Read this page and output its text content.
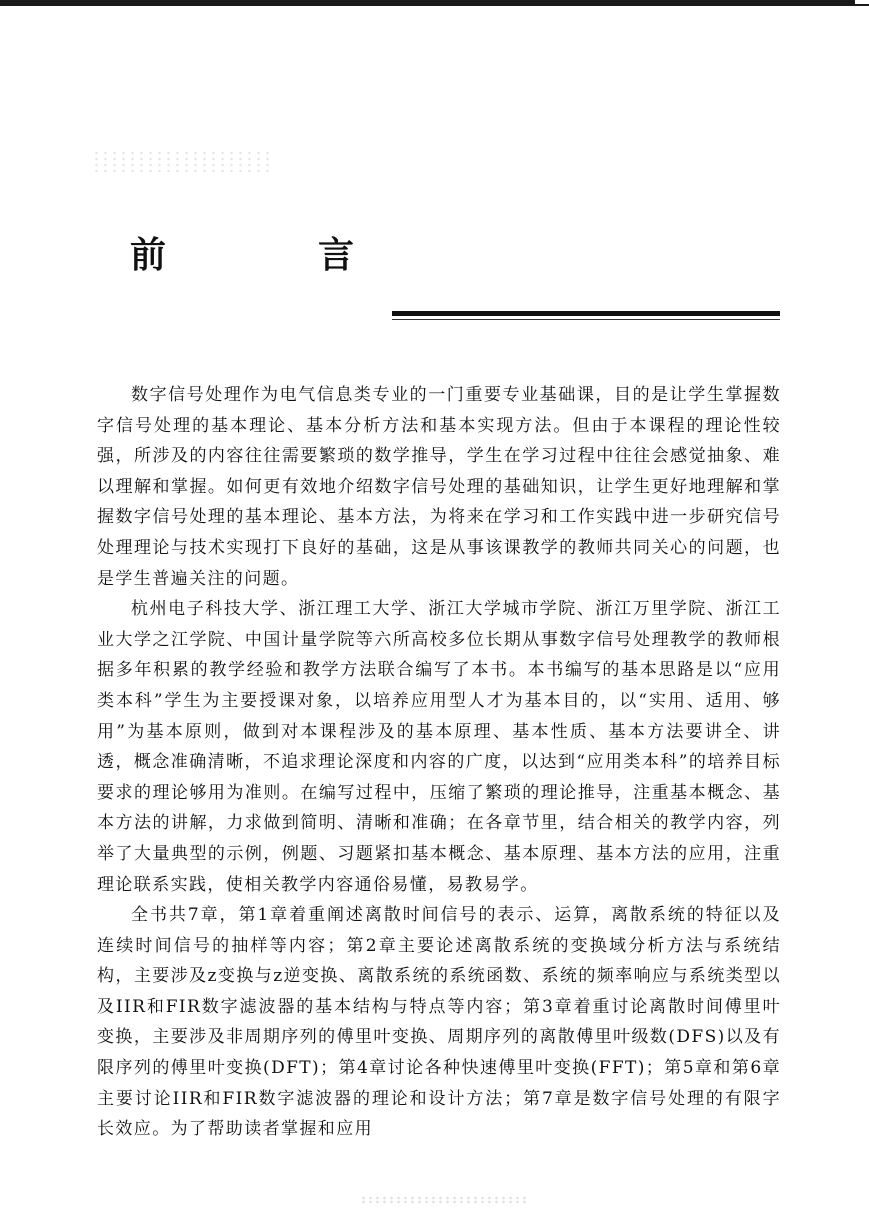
前　言

数字信号处理作为电气信息类专业的一门重要专业基础课，目的是让学生掌握数字信号处理的基本理论、基本分析方法和基本实现方法。但由于本课程的理论性较强，所涉及的内容往往需要繁琐的数学推导，学生在学习过程中往往会感觉抽象、难以理解和掌握。如何更有效地介绍数字信号处理的基础知识，让学生更好地理解和掌握数字信号处理的基本理论、基本方法，为将来在学习和工作实践中进一步研究信号处理理论与技术实现打下良好的基础，这是从事该课教学的教师共同关心的问题，也是学生普遍关注的问题。

杭州电子科技大学、浙江理工大学、浙江大学城市学院、浙江万里学院、浙江工业大学之江学院、中国计量学院等六所高校多位长期从事数字信号处理教学的教师根据多年积累的教学经验和教学方法联合编写了本书。本书编写的基本思路是以“应用类本科”学生为主要授课对象，以培养应用型人才为基本目的，以“实用、适用、够用”为基本原则，做到对本课程涉及的基本原理、基本性质、基本方法要讲全、讲透，概念准确清晰，不追求理论深度和内容的广度，以达到“应用类本科”的培养目标要求的理论够用为准则。在编写过程中，压缩了繁琐的理论推导，注重基本概念、基本方法的讲解，力求做到简明、清晰和准确；在各章节里，结合相关的教学内容，列举了大量典型的示例，例题、习题紧扣基本概念、基本原理、基本方法的应用，注重理论联系实践，使相关教学内容通俗易懂，易教易学。

全书共7章，第1章着重阐述离散时间信号的表示、运算，离散系统的特征以及连续时间信号的抽样等内容；第2章主要论述离散系统的变换域分析方法与系统结构，主要涉及z变换与z逆变换、离散系统的系统函数、系统的频率响应与系统类型以及IIR和FIR数字滤波器的基本结构与特点等内容；第3章着重讨论离散时间傅里叶变换，主要涉及非周期序列的傅里叶变换、周期序列的离散傅里叶级数(DFS)以及有限序列的傅里叶变换(DFT)；第4章讨论各种快速傅里叶变换(FFT)；第5章和第6章主要讨论IIR和FIR数字滤波器的理论和设计方法；第7章是数字信号处理的有限字长效应。为了帮助读者掌握和应用
